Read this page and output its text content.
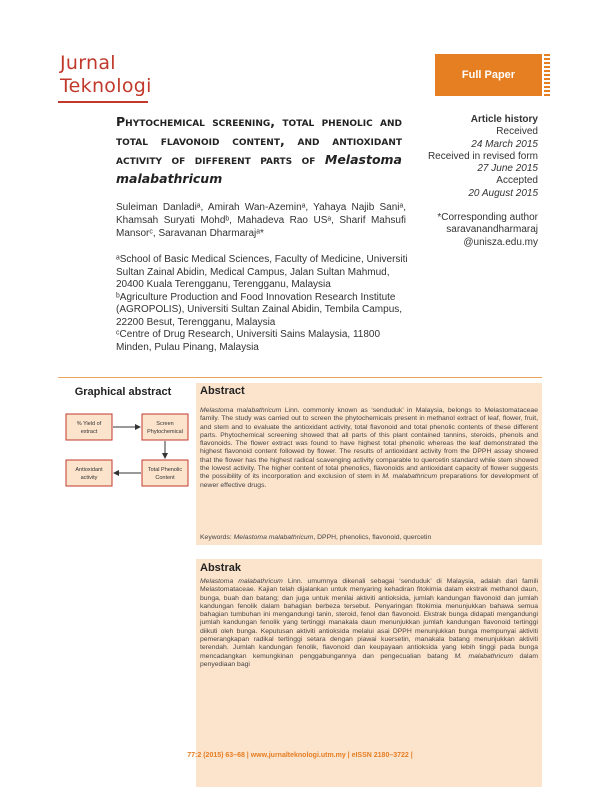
Jurnal
Teknologi	Full Paper
Phytochemical screening, total phenolic and total flavonoid content, and antioxidant activity of different parts of Melastoma malabathricum
Article history
Received
24 March 2015
Received in revised form
27 June 2015
Accepted
20 August 2015
Suleiman Danladiᵃ, Amirah Wan-Azeminᵃ, Yahaya Najib Saniᵃ, Khamsah Suryati Mohdᵇ, Mahadeva Rao USᵃ, Sharif Mahsufi Mansorᶜ, Saravanan Dharmarajᵃ*
*Corresponding author
saravanandharmaraj
@unisza.edu.my
ᵃSchool of Basic Medical Sciences, Faculty of Medicine, Universiti Sultan Zainal Abidin, Medical Campus, Jalan Sultan Mahmud, 20400 Kuala Terengganu, Terengganu, Malaysia
ᵇAgriculture Production and Food Innovation Research Institute (AGROPOLIS), Universiti Sultan Zainal Abidin, Tembila Campus, 22200 Besut, Terengganu, Malaysia
ᶜCentre of Drug Research, Universiti Sains Malaysia, 11800 Minden, Pulau Pinang, Malaysia
Graphical abstract
% Yield of
extract
Screen
Phytochemical
Antioxidant
activity
Total Phenolic
Content
Abstract
Melastoma malabathricum Linn. commonly known as ‘senduduk’ in Malaysia, belongs to Melastomataceae family. The study was carried out to screen the phytochemicals present in methanol extract of leaf, flower, fruit, and stem and to evaluate the antioxidant activity, total flavonoid and total phenolic contents of these different parts. Phytochemical screening showed that all parts of this plant contained tannins, steroids, phenols and flavonoids. The flower extract was found to have highest total phenolic whereas the leaf demonstrated the highest flavonoid content followed by flower. The results of antioxidant activity from the DPPH assay showed that the flower has the highest radical scavenging activity comparable to quercetin standard while stem showed the lowest activity. The higher content of total phenolics, flavonoids and antioxidant capacity of flower suggests the possibility of its incorporation and exclusion of stem in M. malabathricum preparations for development of newer effective drugs.
Keywords: Melastoma malabathricum, DPPH, phenolics, flavonoid, quercetin
Abstrak
Melastoma malabathricum Linn. umumnya dikenali sebagai ‘senduduk’ di Malaysia, adalah dari famili Melastomataceae. Kajian telah dijalankan untuk menyaring kehadiran fitokimia dalam ekstrak methanol daun, bunga, buah dan batang; dan juga untuk menilai aktiviti antioksida, jumlah kandungan flavonoid dan jumlah kandungan fenolik dalam bahagian berbeza tersebut. Penyaringan fitokimia menunjukkan bahawa semua bahagian tumbuhan ini mengandungi tanin, steroid, fenol dan flavonoid. Ekstrak bunga didapati mengandungi jumlah kandungan fenolik yang tertinggi manakala daun menunjukkan jumlah kandungan flavonoid tertinggi diikuti oleh bunga. Keputusan aktiviti antioksida melalui asai DPPH menunjukkan bunga mempunyai aktiviti pemerangkapan radikal tertinggi setara dengan piawai kuersetin, manakala batang menunjukkan aktiviti terendah. Jumlah kandungan fenolik, flavonoid dan keupayaan antioksida yang lebih tinggi pada bunga mencadangkan kemungkinan penggabungannya dan pengecualian batang M. malabathricum dalam penyediaan bagi
77:2 (2015) 63–68 | www.jurnalteknologi.utm.my | eISSN 2180–3722 |
